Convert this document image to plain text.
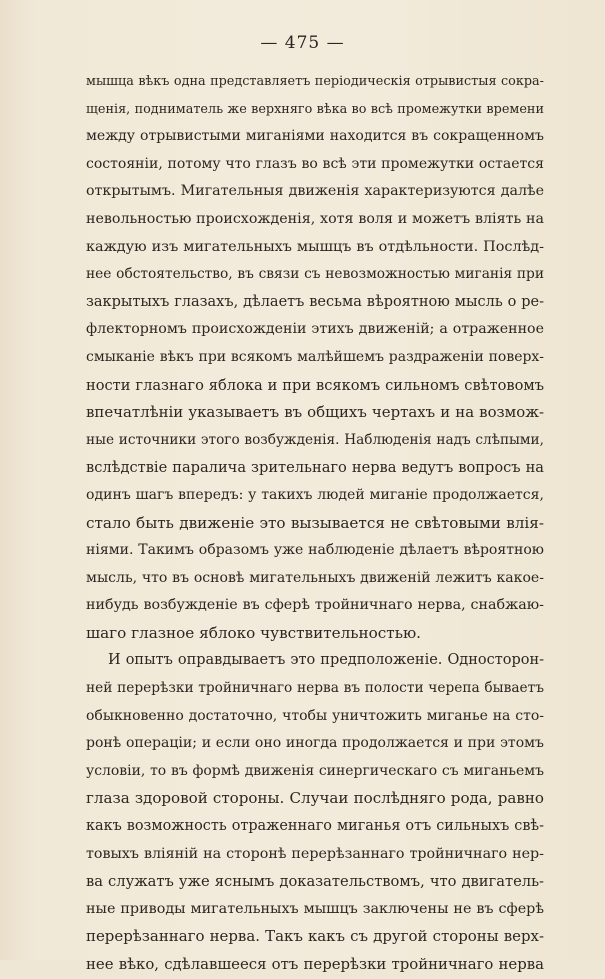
— 475 —
мышца вѣкъ одна представляетъ періодическія отрывистыя сокра-
щенія, подниматель же верхняго вѣка во всѣ промежутки времени
между отрывистыми миганіями находится въ сокращенномъ
состояніи, потому что глазъ во всѣ эти промежутки остается
открытымъ. Мигательныя движенія характеризуются далѣе
невольностью происхожденія, хотя воля и можетъ вліять на
каждую изъ мигательныхъ мышцъ въ отдѣльности. Послѣд-
нее обстоятельство, въ связи съ невозможностью миганія при
закрытыхъ глазахъ, дѣлаетъ весьма вѣроятною мысль о ре-
флекторномъ происхожденіи этихъ движеній; а отраженное
смыканіе вѣкъ при всякомъ малѣйшемъ раздраженіи поверх-
ности глазнаго яблока и при всякомъ сильномъ свѣтовомъ
впечатлѣніи указываетъ въ общихъ чертахъ и на возмож-
ные источники этого возбужденія. Наблюденія надъ слѣпыми,
вслѣдствіе паралича зрительнаго нерва ведутъ вопросъ на
одинъ шагъ впередъ: у такихъ людей миганіе продолжается,
стало быть движеніе это вызывается не свѣтовыми влія-
ніями. Такимъ образомъ уже наблюденіе дѣлаетъ вѣроятною
мысль, что въ основѣ мигательныхъ движеній лежитъ какое-
нибудь возбужденіе въ сферѣ тройничнаго нерва, снабжаю-
шаго глазное яблоко чувствительностью.
И опытъ оправдываетъ это предположеніе. Односторон-
ней перерѣзки тройничнаго нерва въ полости черепа бываетъ
обыкновенно достаточно, чтобы уничтожить миганье на сто-
ронѣ операціи; и если оно иногда продолжается и при этомъ
условіи, то въ формѣ движенія синергическаго съ миганьемъ
глаза здоровой стороны. Случаи послѣдняго рода, равно
какъ возможность отраженнаго миганья отъ сильныхъ свѣ-
товыхъ вліяній на сторонѣ перерѣзаннаго тройничнаго нер-
ва служатъ уже яснымъ доказательствомъ, что двигатель-
ные приводы мигательныхъ мышцъ заключены не въ сферѣ
перерѣзаннаго нерва. Такъ какъ съ другой стороны верх-
нее вѣко, сдѣлавшееся отъ перерѣзки тройничнаго нерва
